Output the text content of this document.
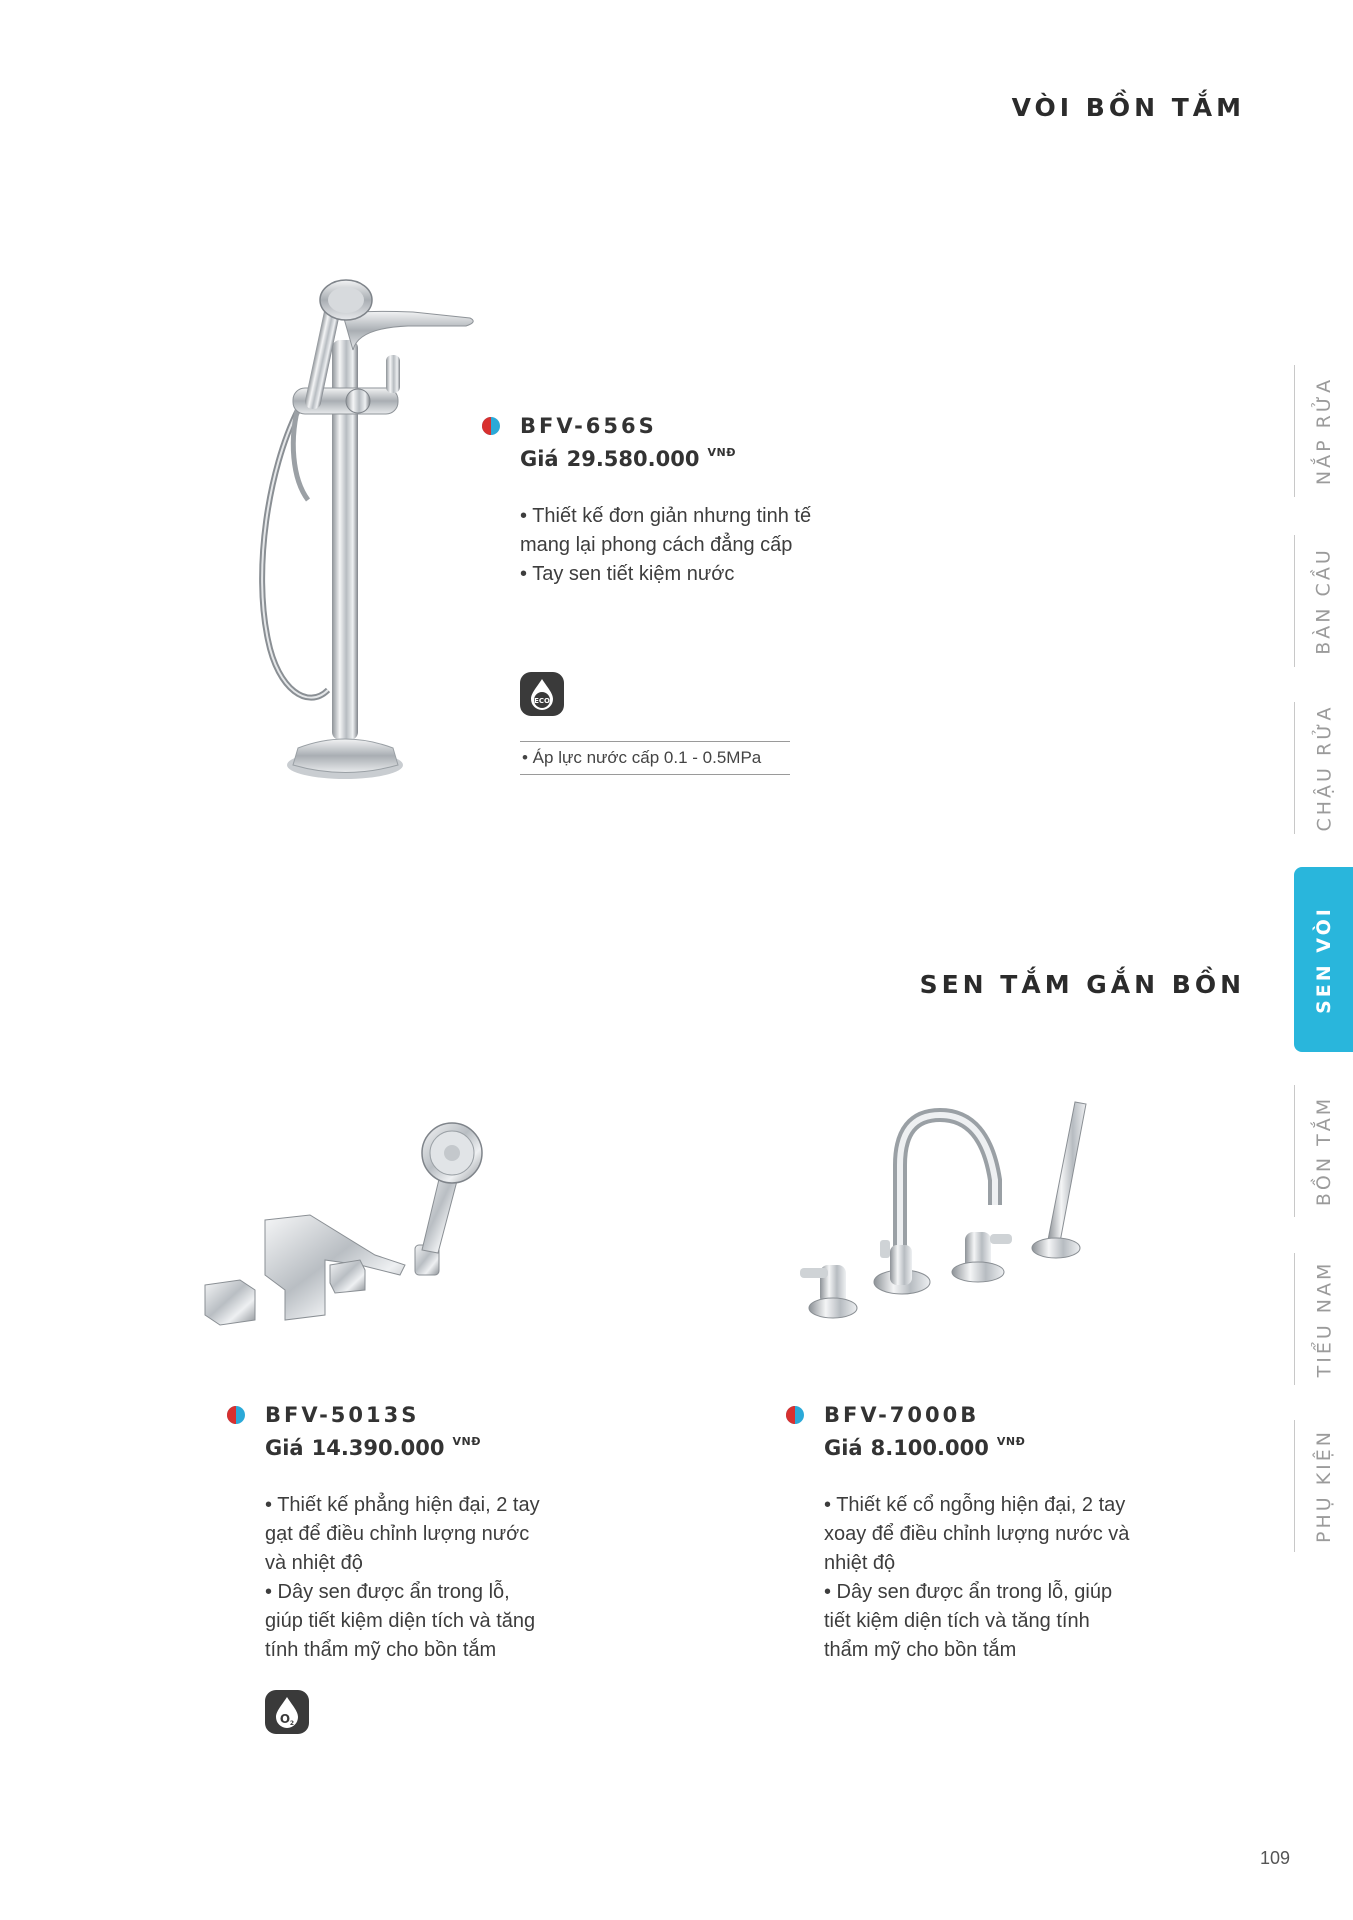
VÒI BỒN TẮM
SEN TẮM GẮN BỒN

BFV-656S

Giá 29.580.000 $^{VNĐ}$

• Thiết kế đơn giản nhưng tinh tế
mang lại phong cách đẳng cấp
• Tay sen tiết kiệm nước
ECO
• Áp lực nước cấp 0.1 - 0.5MPa

BFV-5013S

Giá 14.390.000 $^{VNĐ}$

• Thiết kế phẳng hiện đại, 2 tay
gạt để điều chỉnh lượng nước
và nhiệt độ
• Dây sen được ẩn trong lỗ,
giúp tiết kiệm diện tích và tăng
tính thẩm mỹ cho bồn tắm
O 2

BFV-7000B

Giá 8.100.000 $^{VNĐ}$

• Thiết kế cổ ngỗng hiện đại, 2 tay
xoay để điều chỉnh lượng nước và
nhiệt độ
• Dây sen được ẩn trong lỗ, giúp
tiết kiệm diện tích và tăng tính
thẩm mỹ cho bồn tắm
NẮP RỬA
BÀN CẦU
CHẬU RỬA
SEN VÒI
BỒN TẮM
TIỂU NAM
PHỤ KIỆN
109
